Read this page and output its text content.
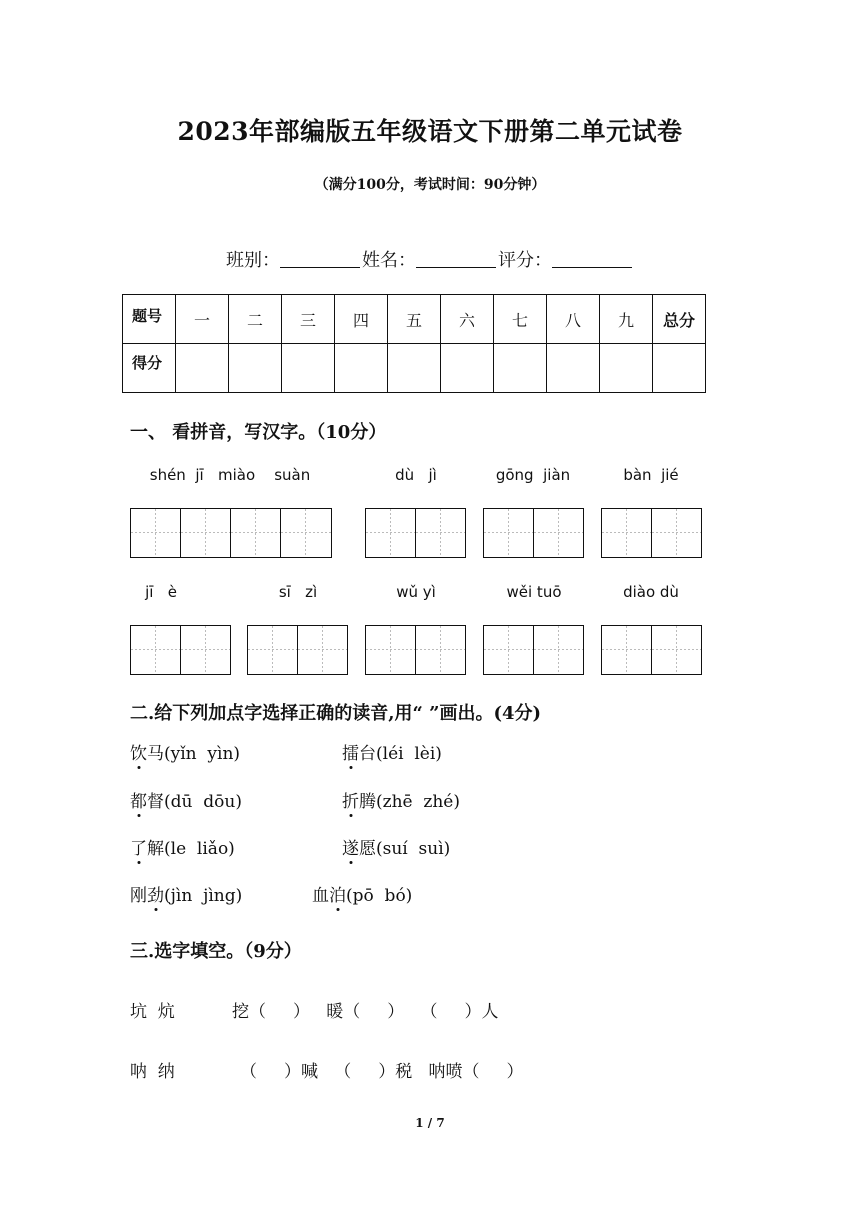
2023年部编版五年级语文下册第二单元试卷
（满分100分，考试时间：90分钟）
班别：	姓名：	评分：
题号	一	二	三	四	五	六	七	八	九	总分
得分										
一、 看拼音，写汉字。（10分）
shén  jī   miào    suàn	dù   jì	gōng  jiàn	bàn  jié
jī   è	sī   zì	wǔ yì	wěi tuō	diào dù
二.给下列加点字选择正确的读音,用“ ”画出。(4分)
饮马(yǐn  yìn)	擂台(léi  lèi)
都督(dū  dōu)	折腾(zhē  zhé)
了解(le  liǎo)	遂愿(suí  suì)
刚劲(jìn  jìng)	血泊(pō  bó)
三.选字填空。（9分）
坑  炕	挖（     ）   暖（     ）   （     ）人
呐  纳	（     ）喊   （     ）税   呐喷（     ）
1 / 7
